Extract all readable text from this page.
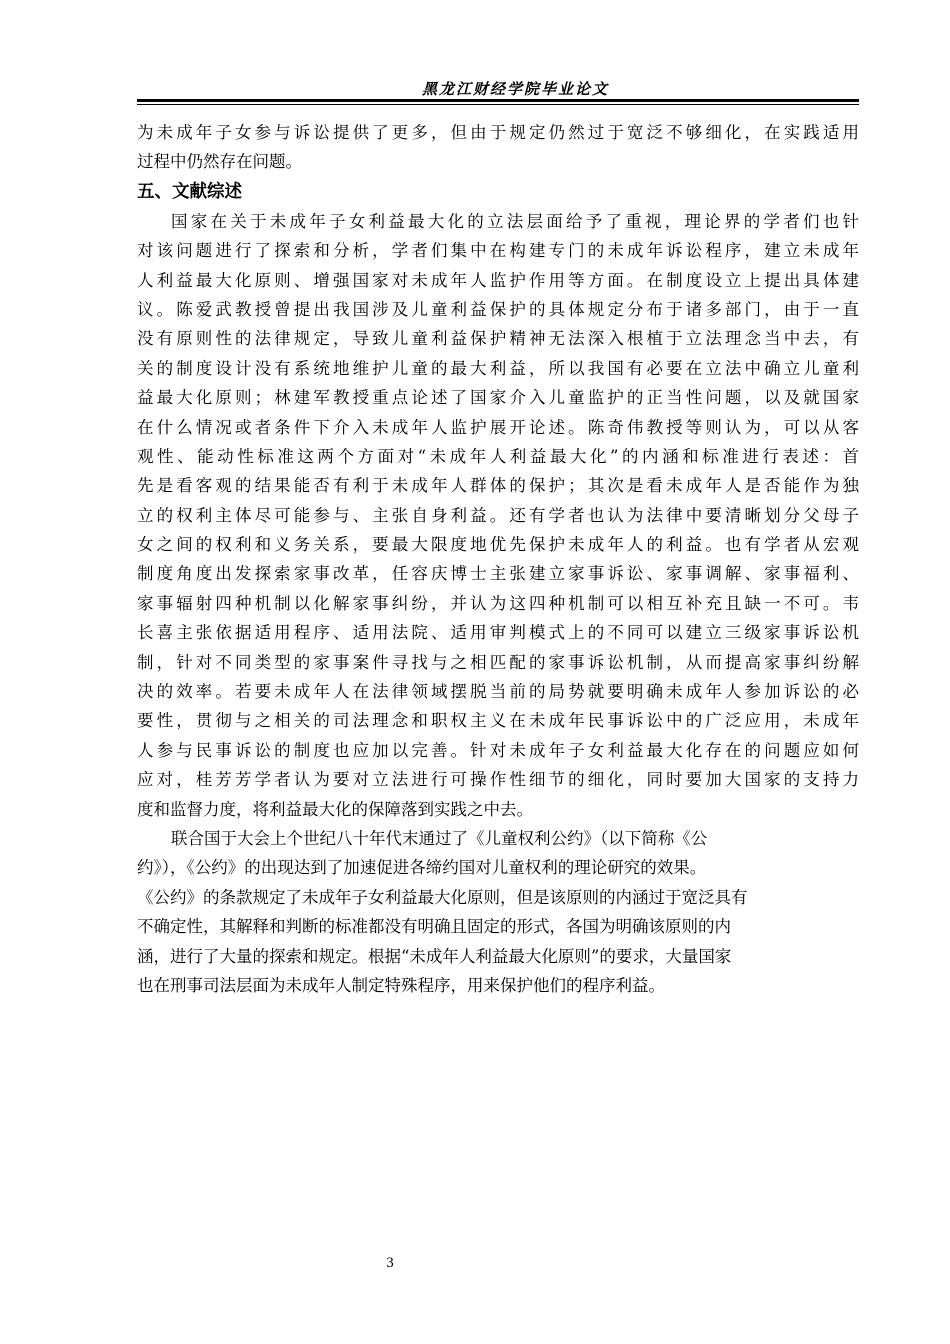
黑龙江财经学院毕业论文
为未成年子女参与诉讼提供了更多，但由于规定仍然过于宽泛不够细化，在实践适用
过程中仍然存在问题。
五、文献综述
国家在关于未成年子女利益最大化的立法层面给予了重视，理论界的学者们也针
对该问题进行了探索和分析，学者们集中在构建专门的未成年诉讼程序，建立未成年
人利益最大化原则、增强国家对未成年人监护作用等方面。在制度设立上提出具体建
议。陈爱武教授曾提出我国涉及儿童利益保护的具体规定分布于诸多部门，由于一直
没有原则性的法律规定，导致儿童利益保护精神无法深入根植于立法理念当中去，有
关的制度设计没有系统地维护儿童的最大利益，所以我国有必要在立法中确立儿童利
益最大化原则；林建军教授重点论述了国家介入儿童监护的正当性问题，以及就国家
在什么情况或者条件下介入未成年人监护展开论述。陈奇伟教授等则认为，可以从客
观性、能动性标准这两个方面对“未成年人利益最大化”的内涵和标准进行表述：首
先是看客观的结果能否有利于未成年人群体的保护；其次是看未成年人是否能作为独
立的权利主体尽可能参与、主张自身利益。还有学者也认为法律中要清晰划分父母子
女之间的权利和义务关系，要最大限度地优先保护未成年人的利益。也有学者从宏观
制度角度出发探索家事改革，任容庆博士主张建立家事诉讼、家事调解、家事福利、
家事辐射四种机制以化解家事纠纷，并认为这四种机制可以相互补充且缺一不可。韦
长喜主张依据适用程序、适用法院、适用审判模式上的不同可以建立三级家事诉讼机
制，针对不同类型的家事案件寻找与之相匹配的家事诉讼机制，从而提高家事纠纷解
决的效率。若要未成年人在法律领域摆脱当前的局势就要明确未成年人参加诉讼的必
要性，贯彻与之相关的司法理念和职权主义在未成年民事诉讼中的广泛应用，未成年
人参与民事诉讼的制度也应加以完善。针对未成年子女利益最大化存在的问题应如何
应对，桂芳芳学者认为要对立法进行可操作性细节的细化，同时要加大国家的支持力
度和监督力度，将利益最大化的保障落到实践之中去。
联合国于大会上个世纪八十年代末通过了《儿童权利公约》（以下简称《公
约》），《公约》的出现达到了加速促进各缔约国对儿童权利的理论研究的效果。
《公约》的条款规定了未成年子女利益最大化原则，但是该原则的内涵过于宽泛具有
不确定性，其解释和判断的标准都没有明确且固定的形式，各国为明确该原则的内
涵，进行了大量的探索和规定。根据“未成年人利益最大化原则”的要求，大量国家
也在刑事司法层面为未成年人制定特殊程序，用来保护他们的程序利益。
3
